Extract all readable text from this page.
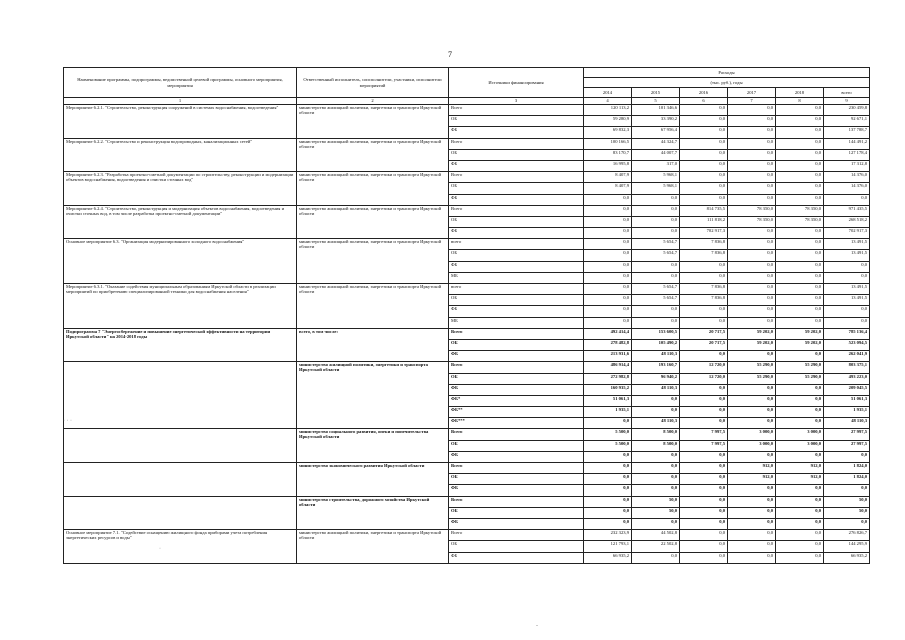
7
Наименование программы, подпрограммы, ведомственной целевой программы, основного мероприятия, мероприятия	Ответственный исполнитель, соисполнители, участники, исполнители мероприятий	Источники финансирования	Расходы					
			(тыс. руб.), годы					
			2014	2015	2016	2017	2018	всего
1	2	3	4	5	6	7	8	9
Мероприятие 6.2.1. "Строительство, реконструкция сооружений в системах водоснабжения, водоотведения"	министерство жилищной политики, энергетики и транспорта Иркутской области	Всего	120 113,2	101 346,6	0,0	0,0	0,0	230 459,8
		ОБ	59 280,9	33 390,2	0,0	0,0	0,0	92 671,1
		ФБ	69 832,3	67 956,4	0,0	0,0	0,0	137 788,7
Мероприятие 6.2.2. "Строительство и реконструкция водопроводных, канализационных сетей"	министерство жилищной политики, энергетики и транспорта Иркутской области	Всего	100 166,5	44 324,7	0,0	0,0	0,0	144 491,2
		ОБ	83 170,7	44 007,7	0,0	0,0	0,0	127 178,4
		ФБ	16 995,8	317,0	0,0	0,0	0,0	17 312,8
Мероприятие 6.2.3. "Разработка проектно-сметной документации по строительству, реконструкции и модернизации объектов водоснабжения, водоотведения и очистки сточных вод"	министерство жилищной политики, энергетики и транспорта Иркутской области	Всего	8 407,9	5 968,1	0,0	0,0	0,0	14 376,0
		ОБ	8 407,9	5 968,1	0,0	0,0	0,0	14 376,0
		ФБ	0,0	0,0	0,0	0,0	0,0	0,0
Мероприятие 6.2.4. "Строительство, реконструкция и модернизация объектов водоснабжения, водоотведения и очистки сточных вод, в том числе разработка проектно-сметной документации"	министерство жилищной политики, энергетики и транспорта Иркутской области	Всего	0,0	0,0	814 735,5	78 350,0	78 350,0	971 435,5
		ОБ	0,0	0,0	111 818,2	78 350,0	78 350,0	268 518,2
		ФБ	0,0	0,0	702 917,3	0,0	0,0	702 917,3
Основное мероприятие 6.3. "Организация модернизированного холодного водоснабжения"	министерство жилищной политики, энергетики и транспорта Иркутской области	всего	0,0	5 654,7	7 836,8	0,0	0,0	13 491,5
		ОБ	0,0	5 654,7	7 836,8	0,0	0,0	13 491,5
		ФБ	0,0	0,0	0,0	0,0	0,0	0,0
		МБ	0,0	0,0	0,0	0,0	0,0	0,0
Мероприятие 6.3.1. "Оказание содействия муниципальным образованиям Иркутской области в реализации мероприятий по приобретению специализированной техники для водоснабжения населения"	министерство жилищной политики, энергетики и транспорта Иркутской области	всего	0,0	5 654,7	7 836,8	0,0	0,0	13 491,5
		ОБ	0,0	5 654,7	7 836,8	0,0	0,0	13 491,5
		ФБ	0,0	0,0	0,0	0,0	0,0	0,0
		МБ	0,0	0,0	0,0	0,0	0,0	0,0
Подпрограмма 7 "Энергосбережение и повышение энергетической эффективности на территории Иркутской области" на 2014-2018 годы	всего, в том числе:	Всего	492 414,4	153 600,5	20 717,5	59 202,0	59 202,0	785 136,4
		ОБ	278 482,8	105 490,2	20 717,5	59 202,0	59 202,0	523 094,5
		ФБ	213 931,6	48 110,3	0,0	0,0	0,0	262 041,9
	министерство жилищной политики, энергетики и транспорта Иркутской области	Всего	486 914,4	193 160,7	12 720,0	55 290,0	55 290,0	803 375,1
		ОБ	272 982,8	96 940,2	12 720,0	55 290,0	55 290,0	493 223,0
		ФБ	160 935,2	48 110,3	0,0	0,0	0,0	209 045,5
		ФБ*	51 061,3	0,0	0,0	0,0	0,0	51 061,3
		ФБ**	1 935,1	0,0	0,0	0,0	0,0	1 935,1
		ФБ***	0,0	48 110,3	0,0	0,0	0,0	48 110,3
	министерство социального развития, опеки и попечительства Иркутской области	Всего	5 500,0	8 500,0	7 997,5	3 000,0	3 000,0	27 997,5
		ОБ	5 500,0	8 500,0	7 997,5	3 000,0	3 000,0	27 997,5
		ФБ	0,0	0,0	0,0	0,0	0,0	0,0
	министерство экономического развития Иркутской области	Всего	0,0	0,0	0,0	912,0	912,0	1 824,0
		ОБ	0,0	0,0	0,0	912,0	912,0	1 824,0
		ФБ	0,0	0,0	0,0	0,0	0,0	0,0
	министерство строительства, дорожного хозяйства Иркутской области	Всего	0,0	50,0	0,0	0,0	0,0	50,0
		ОБ	0,0	50,0	0,0	0,0	0,0	50,0
		ФБ	0,0	0,0	0,0	0,0	0,0	0,0
Основное мероприятие 7.1. "Содействие оснащению жилищного фонда приборами учета потребления энергетических ресурсов и воды"	министерство жилищной политики, энергетики и транспорта Иркутской области	Всего	232 323,9	44 502,8	0,0	0,0	0,0	276 826,7
		ОБ	121 793,1	22 502,8	0,0	0,0	0,0	144 295,9
		ФБ	66 935,2	0,0	0,0	0,0	0,0	66 935,2
· · ·
·
-
